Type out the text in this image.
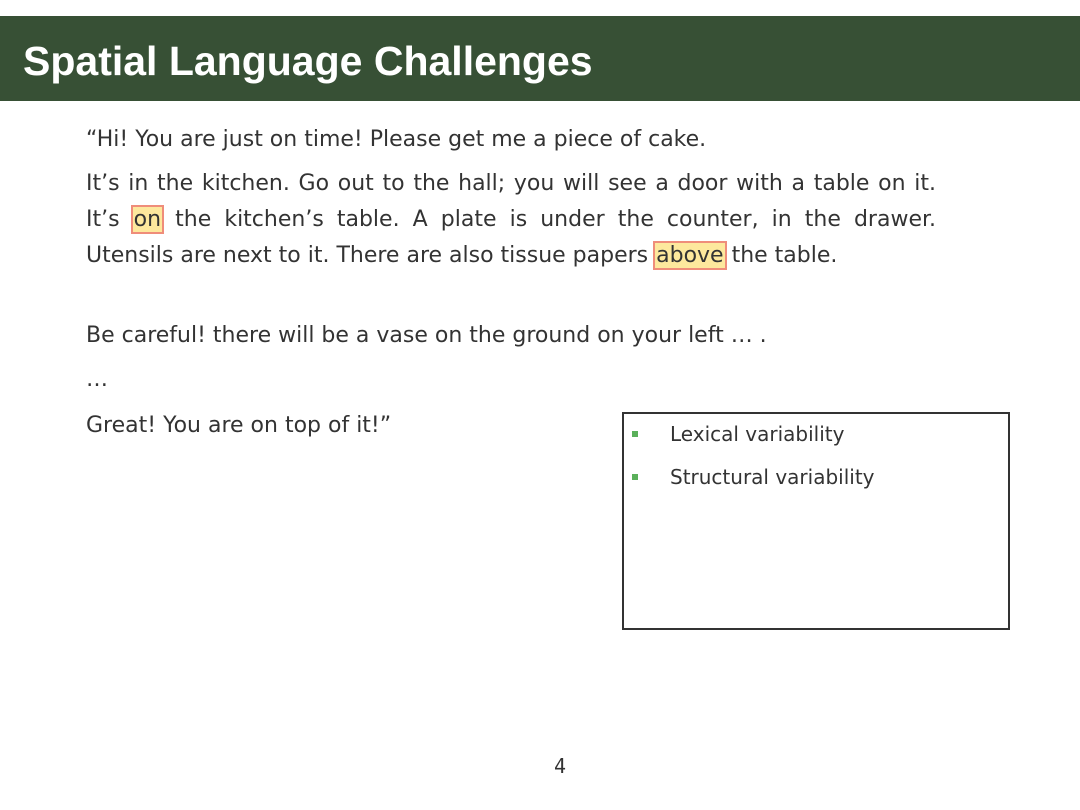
Spatial Language Challenges

“Hi! You are just on time! Please get me a piece of cake.

It’s in the kitchen. Go out to the hall; you will see a door with a table on it. It’s on the kitchen’s table. A plate is under the counter, in the drawer. Utensils are next to it. There are also tissue papers above the table.

Be careful! there will be a vase on the ground on your left … .

…

Great! You are on top of it!”	Lexical variability
Structural variability
4
